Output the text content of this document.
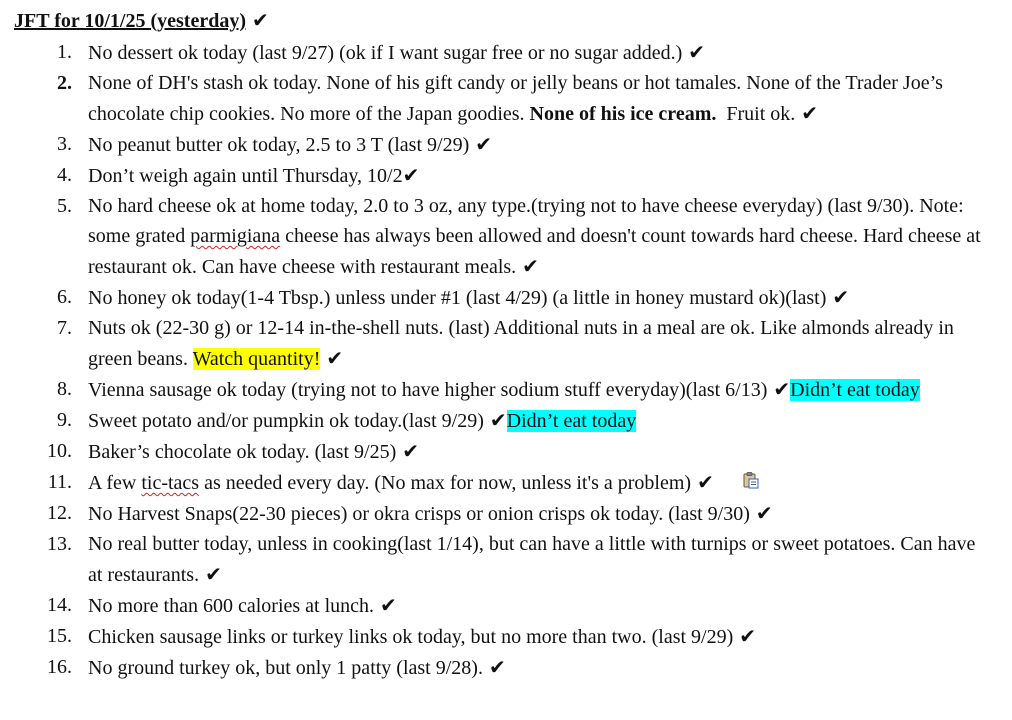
JFT for 10/1/25 (yesterday) ✔
1. No dessert ok today (last 9/27) (ok if I want sugar free or no sugar added.) ✔
2. None of DH's stash ok today. None of his gift candy or jelly beans or hot tamales. None of the Trader Joe’s chocolate chip cookies. No more of the Japan goodies. None of his ice cream. Fruit ok. ✔
3. No peanut butter ok today, 2.5 to 3 T (last 9/29) ✔
4. Don’t weigh again until Thursday, 10/2✔
5. No hard cheese ok at home today, 2.0 to 3 oz, any type.(trying not to have cheese everyday) (last 9/30). Note: some grated parmigiana cheese has always been allowed and doesn't count towards hard cheese. Hard cheese at restaurant ok. Can have cheese with restaurant meals. ✔
6. No honey ok today(1-4 Tbsp.) unless under #1 (last 4/29) (a little in honey mustard ok)(last) ✔
7. Nuts ok (22-30 g) or 12-14 in-the-shell nuts. (last) Additional nuts in a meal are ok. Like almonds already in green beans. Watch quantity! ✔
8. Vienna sausage ok today (trying not to have higher sodium stuff everyday)(last 6/13) ✔Didn’t eat today
9. Sweet potato and/or pumpkin ok today.(last 9/29) ✔Didn’t eat today
10. Baker’s chocolate ok today. (last 9/25) ✔
11. A few tic-tacs as needed every day. (No max for now, unless it's a problem) ✔
12. No Harvest Snaps(22-30 pieces) or okra crisps or onion crisps ok today. (last 9/30) ✔
13. No real butter today, unless in cooking(last 1/14), but can have a little with turnips or sweet potatoes. Can have at restaurants. ✔
14. No more than 600 calories at lunch. ✔
15. Chicken sausage links or turkey links ok today, but no more than two. (last 9/29) ✔
16. No ground turkey ok, but only 1 patty (last 9/28). ✔
